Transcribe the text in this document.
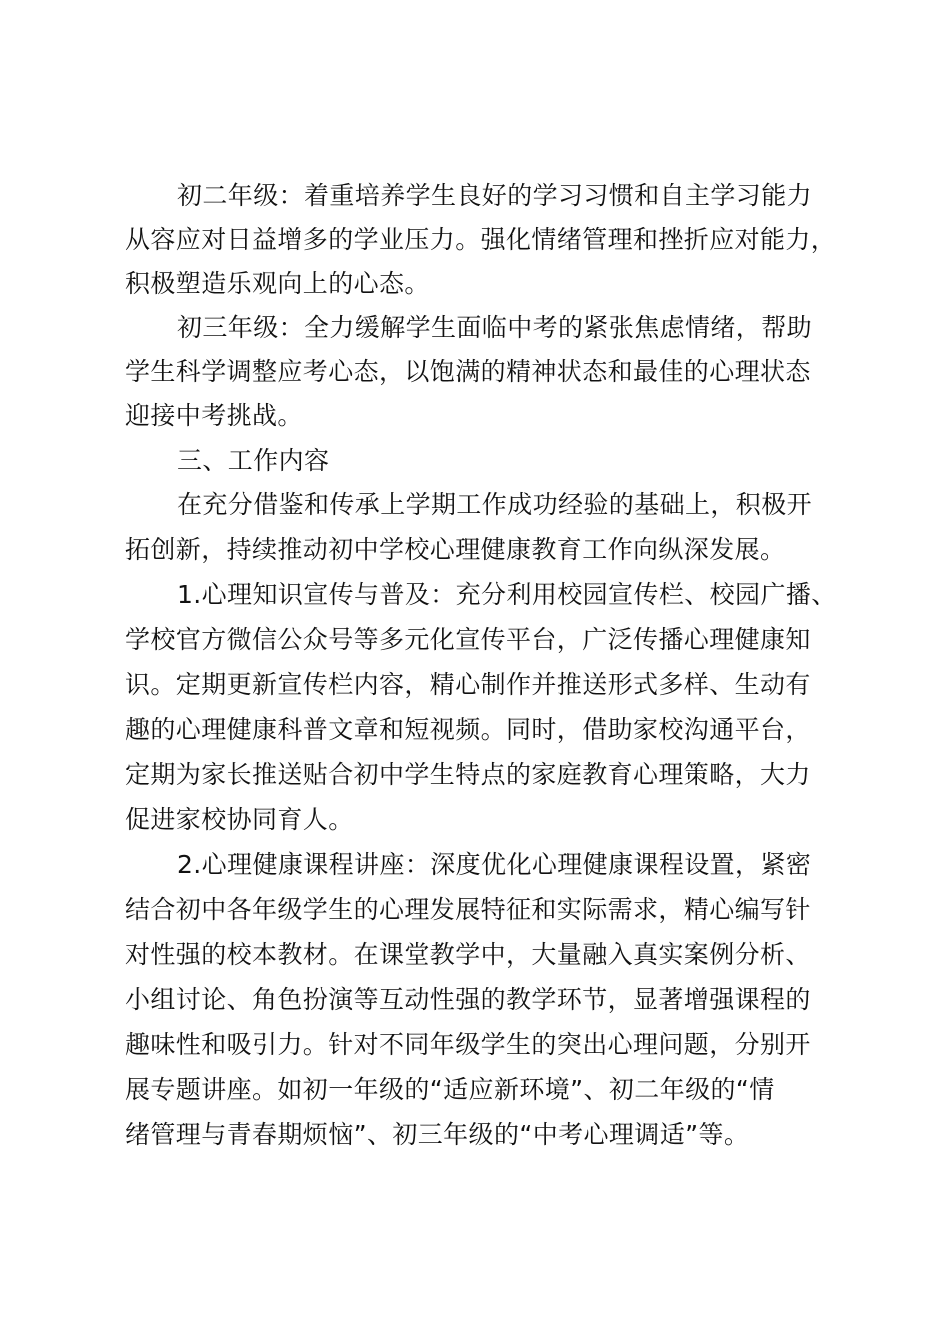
初二年级：着重培养学生良好的学习习惯和自主学习能力
从容应对日益增多的学业压力。强化情绪管理和挫折应对能力，
积极塑造乐观向上的心态。
初三年级：全力缓解学生面临中考的紧张焦虑情绪，帮助
学生科学调整应考心态，以饱满的精神状态和最佳的心理状态
迎接中考挑战。
三、工作内容
在充分借鉴和传承上学期工作成功经验的基础上，积极开
拓创新，持续推动初中学校心理健康教育工作向纵深发展。
1.心理知识宣传与普及：充分利用校园宣传栏、校园广播、
学校官方微信公众号等多元化宣传平台，广泛传播心理健康知
识。定期更新宣传栏内容，精心制作并推送形式多样、生动有
趣的心理健康科普文章和短视频。同时，借助家校沟通平台，
定期为家长推送贴合初中学生特点的家庭教育心理策略，大力
促进家校协同育人。
2.心理健康课程讲座：深度优化心理健康课程设置，紧密
结合初中各年级学生的心理发展特征和实际需求，精心编写针
对性强的校本教材。在课堂教学中，大量融入真实案例分析、
小组讨论、角色扮演等互动性强的教学环节，显著增强课程的
趣味性和吸引力。针对不同年级学生的突出心理问题，分别开
展专题讲座。如初一年级的“适应新环境”、初二年级的“情
绪管理与青春期烦恼”、初三年级的“中考心理调适”等。
